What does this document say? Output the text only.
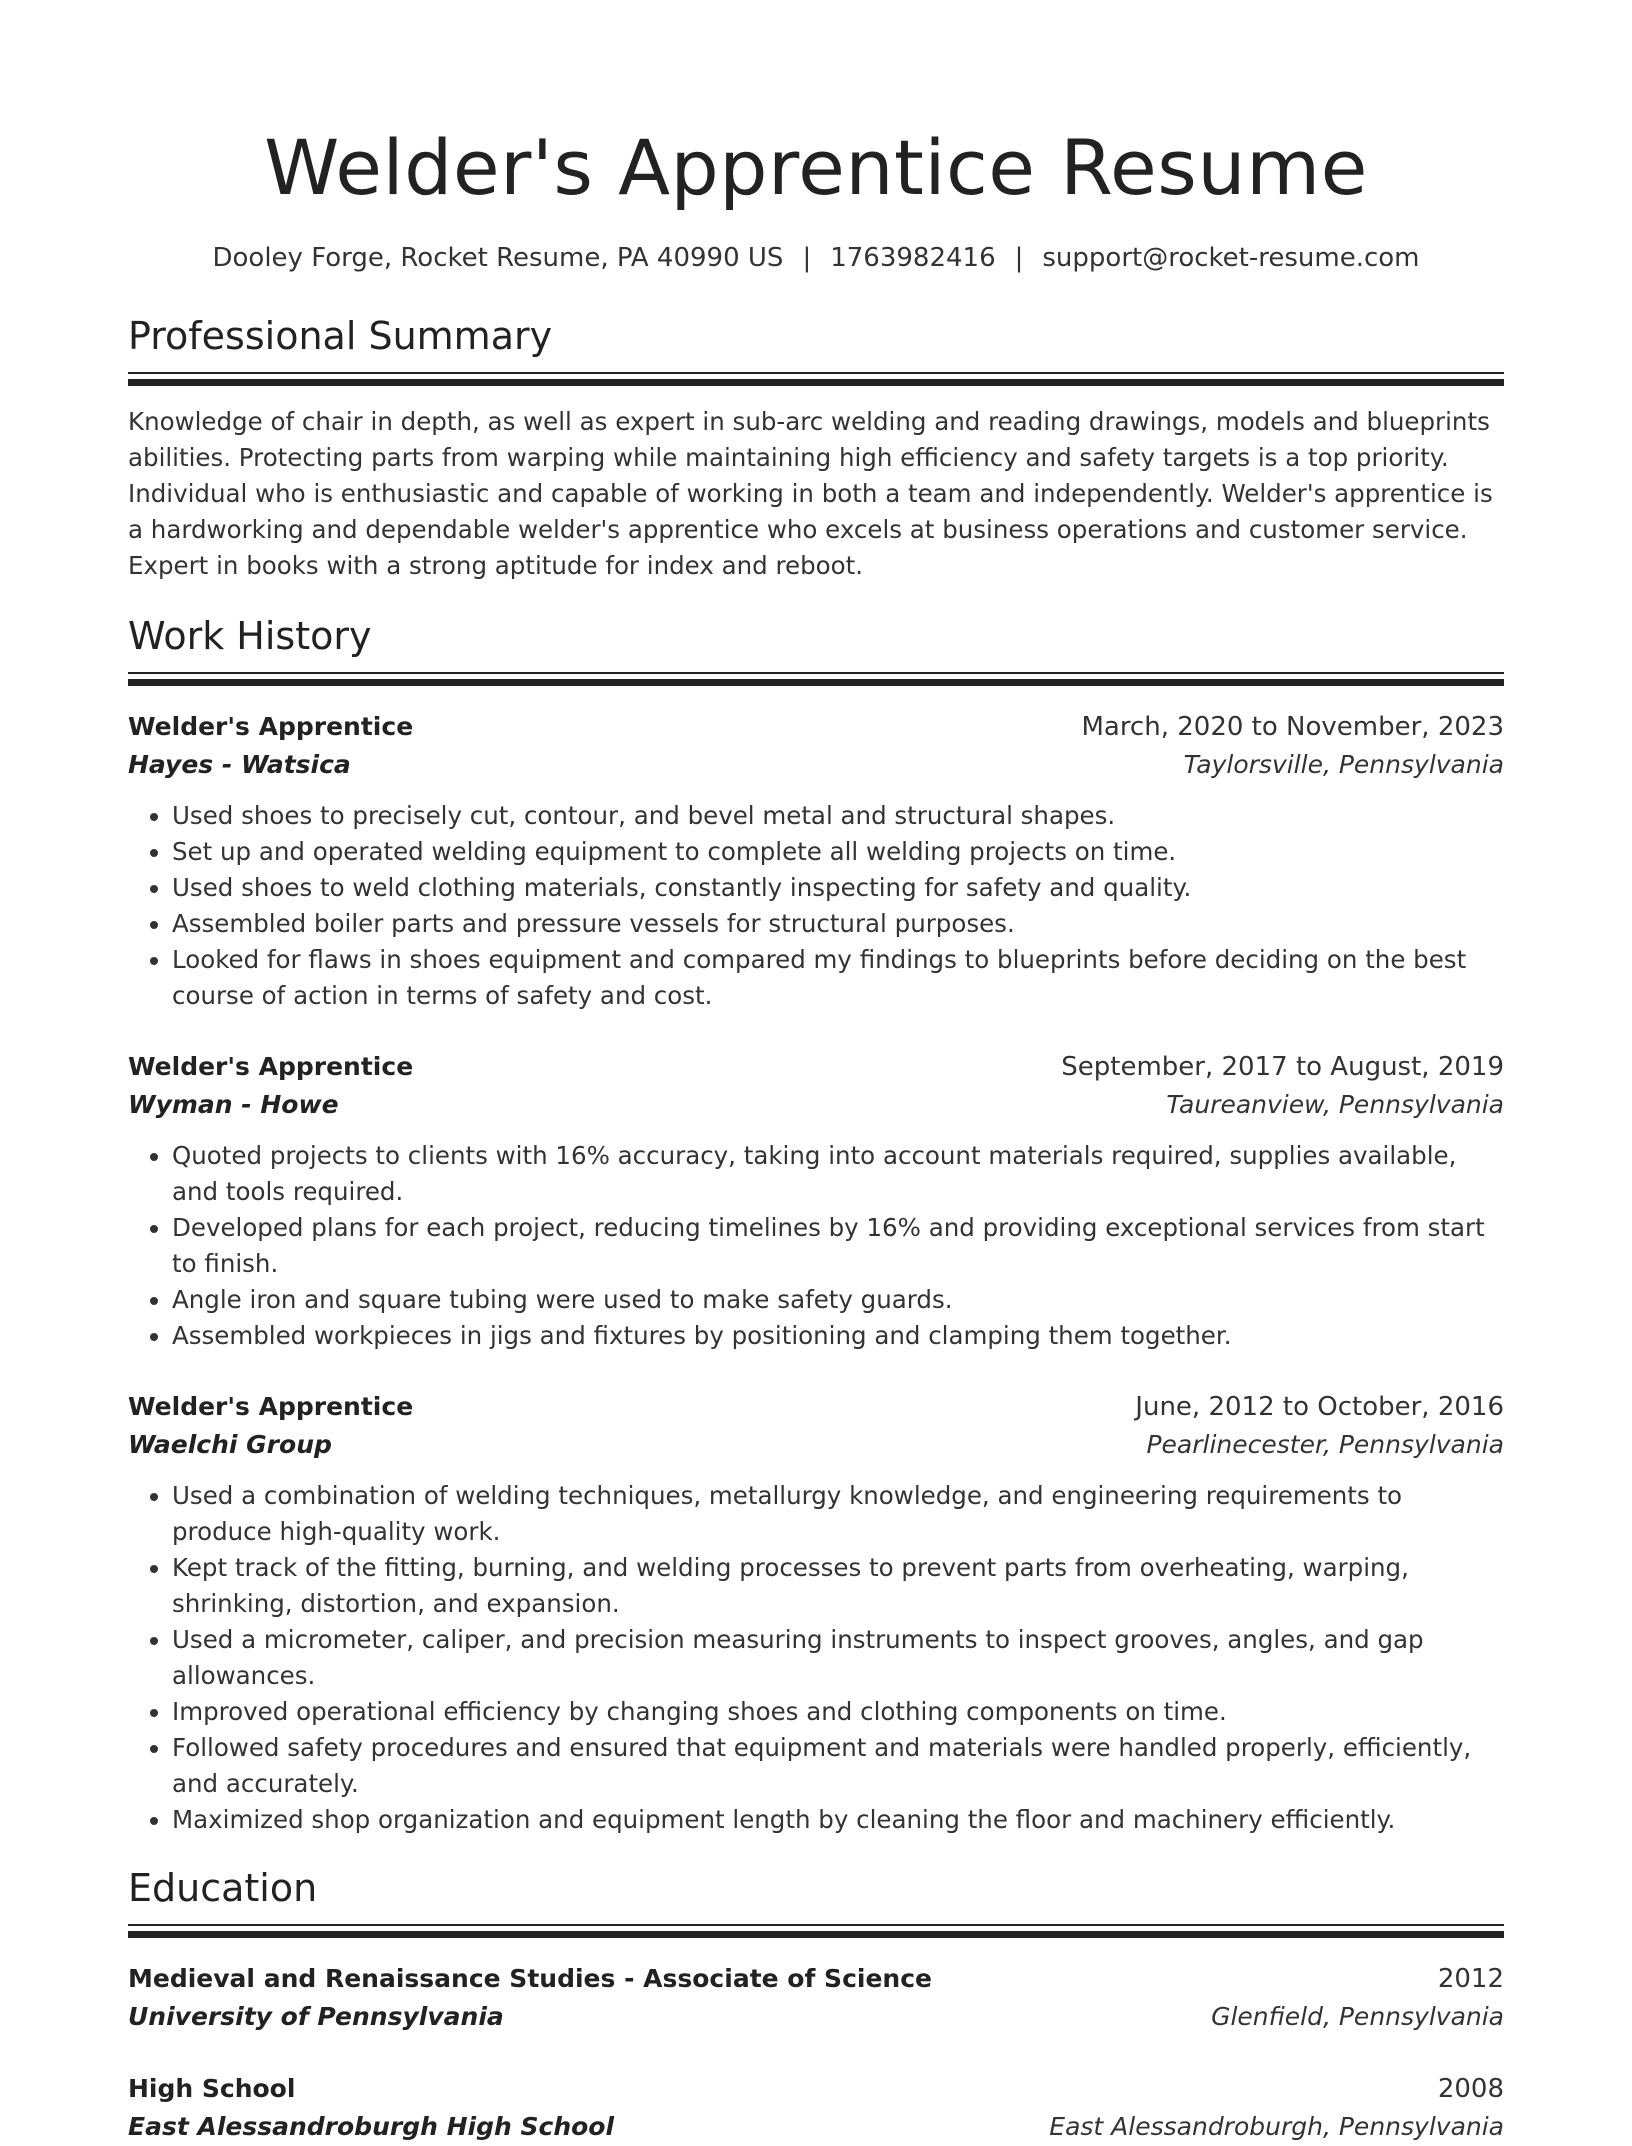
Welder's Apprentice Resume
Dooley Forge, Rocket Resume, PA 40990 US | 1763982416 | support@rocket-resume.com
Professional Summary
Knowledge of chair in depth, as well as expert in sub-arc welding and reading drawings, models and blueprints abilities. Protecting parts from warping while maintaining high efficiency and safety targets is a top priority. Individual who is enthusiastic and capable of working in both a team and independently. Welder's apprentice is a hardworking and dependable welder's apprentice who excels at business operations and customer service. Expert in books with a strong aptitude for index and reboot.
Work History
Welder's Apprentice	March, 2020 to November, 2023
Hayes - Watsica	Taylorsville, Pennsylvania
• Used shoes to precisely cut, contour, and bevel metal and structural shapes.
• Set up and operated welding equipment to complete all welding projects on time.
• Used shoes to weld clothing materials, constantly inspecting for safety and quality.
• Assembled boiler parts and pressure vessels for structural purposes.
• Looked for flaws in shoes equipment and compared my findings to blueprints before deciding on the best course of action in terms of safety and cost.
Welder's Apprentice	September, 2017 to August, 2019
Wyman - Howe	Taureanview, Pennsylvania
• Quoted projects to clients with 16% accuracy, taking into account materials required, supplies available, and tools required.
• Developed plans for each project, reducing timelines by 16% and providing exceptional services from start to finish.
• Angle iron and square tubing were used to make safety guards.
• Assembled workpieces in jigs and fixtures by positioning and clamping them together.
Welder's Apprentice	June, 2012 to October, 2016
Waelchi Group	Pearlinecester, Pennsylvania
• Used a combination of welding techniques, metallurgy knowledge, and engineering requirements to produce high-quality work.
• Kept track of the fitting, burning, and welding processes to prevent parts from overheating, warping, shrinking, distortion, and expansion.
• Used a micrometer, caliper, and precision measuring instruments to inspect grooves, angles, and gap allowances.
• Improved operational efficiency by changing shoes and clothing components on time.
• Followed safety procedures and ensured that equipment and materials were handled properly, efficiently, and accurately.
• Maximized shop organization and equipment length by cleaning the floor and machinery efficiently.
Education
Medieval and Renaissance Studies - Associate of Science	2012
University of Pennsylvania	Glenfield, Pennsylvania
High School	2008
East Alessandroburgh High School	East Alessandroburgh, Pennsylvania
